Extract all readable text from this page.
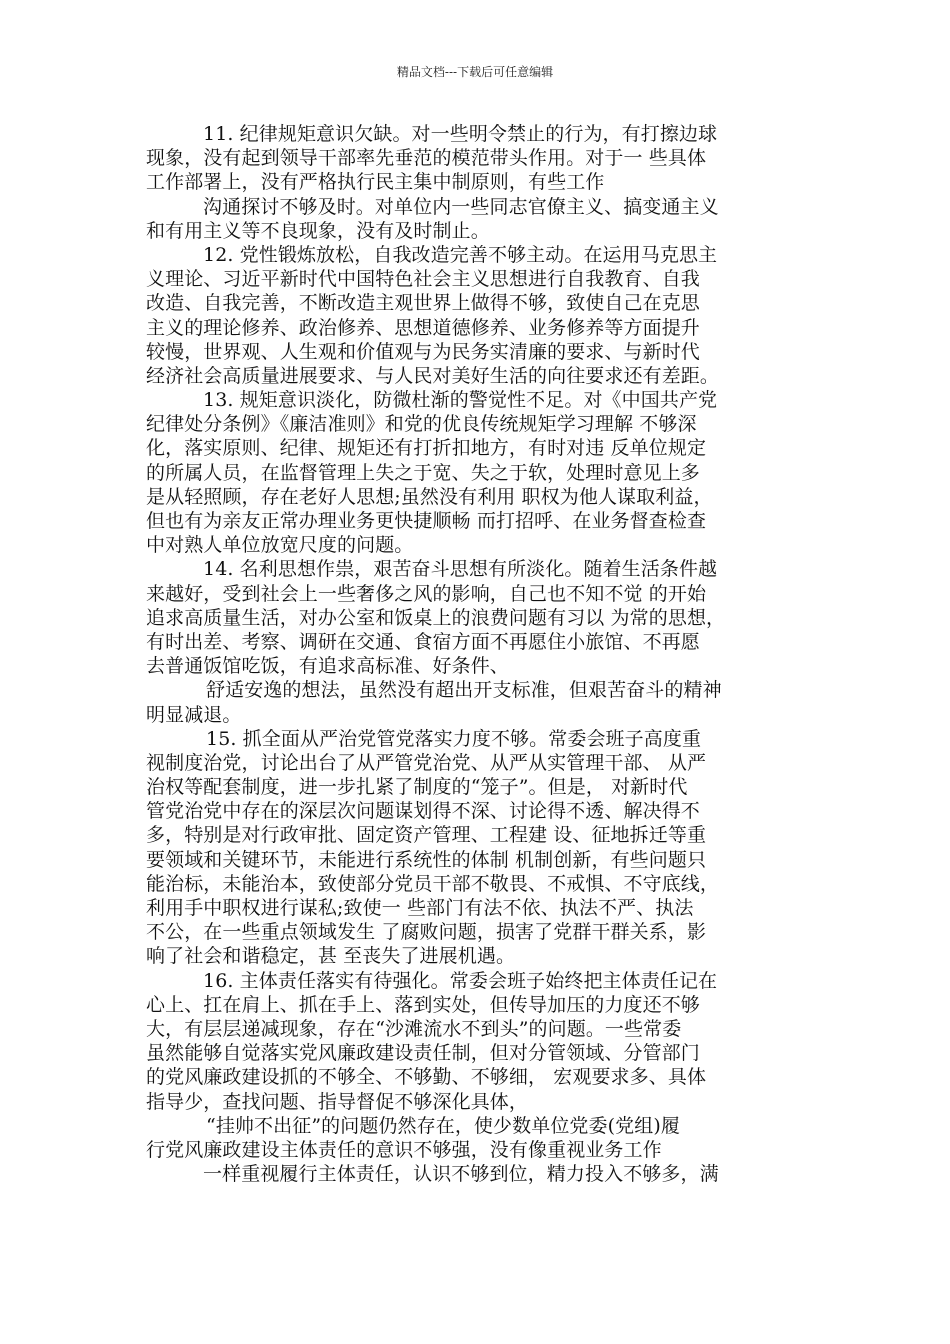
精品文档---下载后可任意编辑
11. 纪律规矩意识欠缺。对一些明令禁止的行为，有打擦边球
现象，没有起到领导干部率先垂范的模范带头作用。对于一 些具体
工作部署上，没有严格执行民主集中制原则，有些工作
沟通探讨不够及时。对单位内一些同志官僚主义、搞变通主义
和有用主义等不良现象，没有及时制止。
12. 党性锻炼放松，自我改造完善不够主动。在运用马克思主
义理论、习近平新时代中国特色社会主义思想进行自我教育、自我
改造、自我完善，不断改造主观世界上做得不够，致使自己在克思
主义的理论修养、政治修养、思想道德修养、业务修养等方面提升
较慢，世界观、人生观和价值观与为民务实清廉的要求、与新时代
经济社会高质量进展要求、与人民对美好生活的向往要求还有差距。
13. 规矩意识淡化，防微杜渐的警觉性不足。对《中国共产党
纪律处分条例》《廉洁准则》和党的优良传统规矩学习理解 不够深
化，落实原则、纪律、规矩还有打折扣地方，有时对违 反单位规定
的所属人员，在监督管理上失之于宽、失之于软，处理时意见上多
是从轻照顾，存在老好人思想;虽然没有利用 职权为他人谋取利益，
但也有为亲友正常办理业务更快捷顺畅 而打招呼、在业务督查检查
中对熟人单位放宽尺度的问题。
14. 名利思想作祟，艰苦奋斗思想有所淡化。随着生活条件越
来越好，受到社会上一些奢侈之风的影响，自己也不知不觉 的开始
追求高质量生活，对办公室和饭桌上的浪费问题有习以 为常的思想，
有时出差、考察、调研在交通、食宿方面不再愿住小旅馆、不再愿
去普通饭馆吃饭，有追求高标准、好条件、
舒适安逸的想法，虽然没有超出开支标准，但艰苦奋斗的精神
明显减退。
15. 抓全面从严治党管党落实力度不够。常委会班子高度重
视制度治党，讨论出台了从严管党治党、从严从实管理干部、 从严
治权等配套制度，进一步扎紧了制度的“笼子”。但是， 对新时代
管党治党中存在的深层次问题谋划得不深、讨论得不透、解决得不
多，特别是对行政审批、固定资产管理、工程建 设、征地拆迁等重
要领域和关键环节，未能进行系统性的体制 机制创新，有些问题只
能治标，未能治本，致使部分党员干部不敬畏、不戒惧、不守底线，
利用手中职权进行谋私;致使一 些部门有法不依、执法不严、执法
不公，在一些重点领域发生 了腐败问题，损害了党群干群关系，影
响了社会和谐稳定，甚 至丧失了进展机遇。
16. 主体责任落实有待强化。常委会班子始终把主体责任记在
心上、扛在肩上、抓在手上、落到实处，但传导加压的力度还不够
大，有层层递减现象，存在“沙滩流水不到头”的问题。一些常委
虽然能够自觉落实党风廉政建设责任制，但对分管领域、分管部门
的党风廉政建设抓的不够全、不够勤、不够细， 宏观要求多、具体
指导少，查找问题、指导督促不够深化具体，
“挂帅不出征”的问题仍然存在，使少数单位党委(党组)履
行党风廉政建设主体责任的意识不够强，没有像重视业务工作
一样重视履行主体责任，认识不够到位，精力投入不够多，满
